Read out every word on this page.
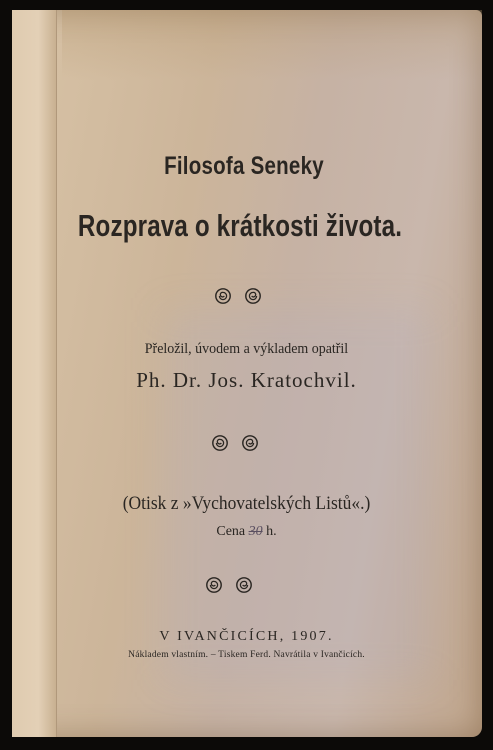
Filosofa Seneky
Rozprava o krátkosti života.
Přeložil, úvodem a výkladem opatřil
Ph. Dr. Jos. Kratochvil.
(Otisk z »Vychovatelských Listů«.)
Cena 30 h.
V IVANČICÍCH, 1907.
Nákladem vlastním. – Tiskem Ferd. Navrátila v Ivančicích.
